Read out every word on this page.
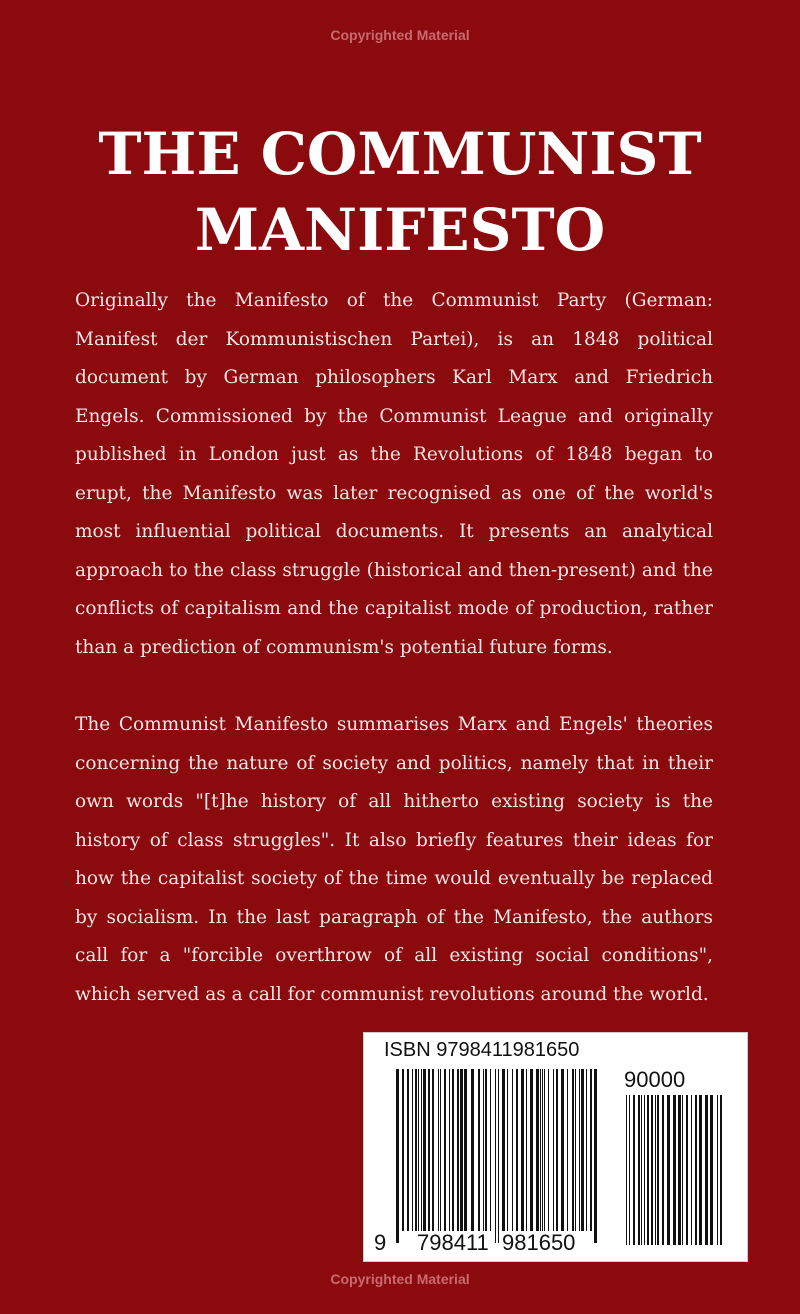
Copyrighted Material
THE COMMUNIST
MANIFESTO

Originally the Manifesto of the Communist Party (German: Manifest der Kommunistischen Partei), is an 1848 political document by German philosophers Karl Marx and Friedrich Engels. Commissioned by the Communist League and originally published in London just as the Revolutions of 1848 began to erupt, the Manifesto was later recognised as one of the world's most influential political documents. It presents an analytical approach to the class struggle (historical and then-present) and the conflicts of capitalism and the capitalist mode of production, rather than a prediction of communism's potential future forms.

The Communist Manifesto summarises Marx and Engels' theories concerning the nature of society and politics, namely that in their own words "[t]he history of all hitherto existing society is the history of class struggles". It also briefly features their ideas for how the capitalist society of the time would eventually be replaced by socialism. In the last paragraph of the Manifesto, the authors call for a "forcible overthrow of all existing social conditions", which served as a call for communist revolutions around the world.

ISBN 9798411981650
90000
9 798411 981650
Copyrighted Material
